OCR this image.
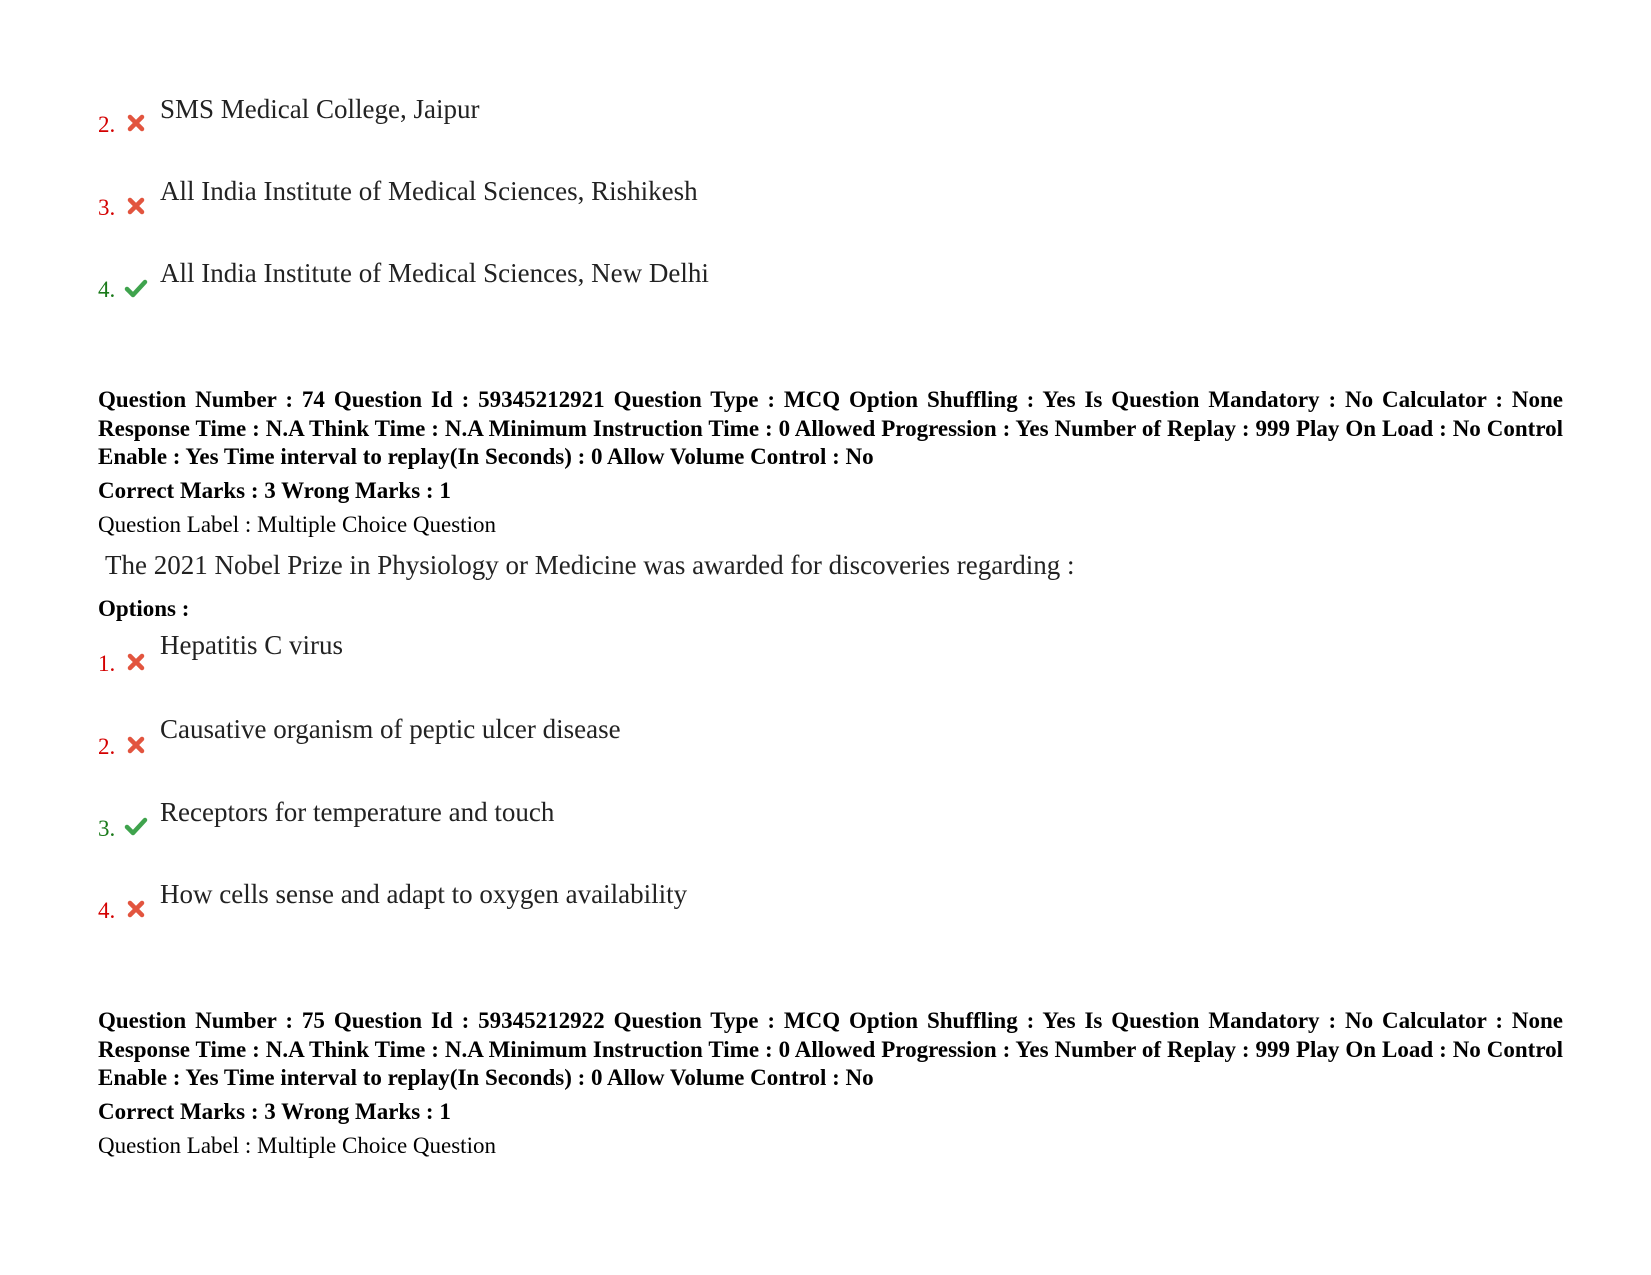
2.
SMS Medical College, Jaipur
3.
All India Institute of Medical Sciences, Rishikesh
4.
All India Institute of Medical Sciences, New Delhi
Question Number : 74 Question Id : 59345212921 Question Type : MCQ Option Shuffling : Yes Is Question Mandatory : No Calculator : None Response Time : N.A Think Time : N.A Minimum Instruction Time : 0 Allowed Progression : Yes Number of Replay : 999 Play On Load : No Control Enable : Yes Time interval to replay(In Seconds) : 0 Allow Volume Control : No
Correct Marks : 3 Wrong Marks : 1
Question Label : Multiple Choice Question
The 2021 Nobel Prize in Physiology or Medicine was awarded for discoveries regarding :
Options :
1.
Hepatitis C virus
2.
Causative organism of peptic ulcer disease
3.
Receptors for temperature and touch
4.
How cells sense and adapt to oxygen availability
Question Number : 75 Question Id : 59345212922 Question Type : MCQ Option Shuffling : Yes Is Question Mandatory : No Calculator : None Response Time : N.A Think Time : N.A Minimum Instruction Time : 0 Allowed Progression : Yes Number of Replay : 999 Play On Load : No Control Enable : Yes Time interval to replay(In Seconds) : 0 Allow Volume Control : No
Correct Marks : 3 Wrong Marks : 1
Question Label : Multiple Choice Question
